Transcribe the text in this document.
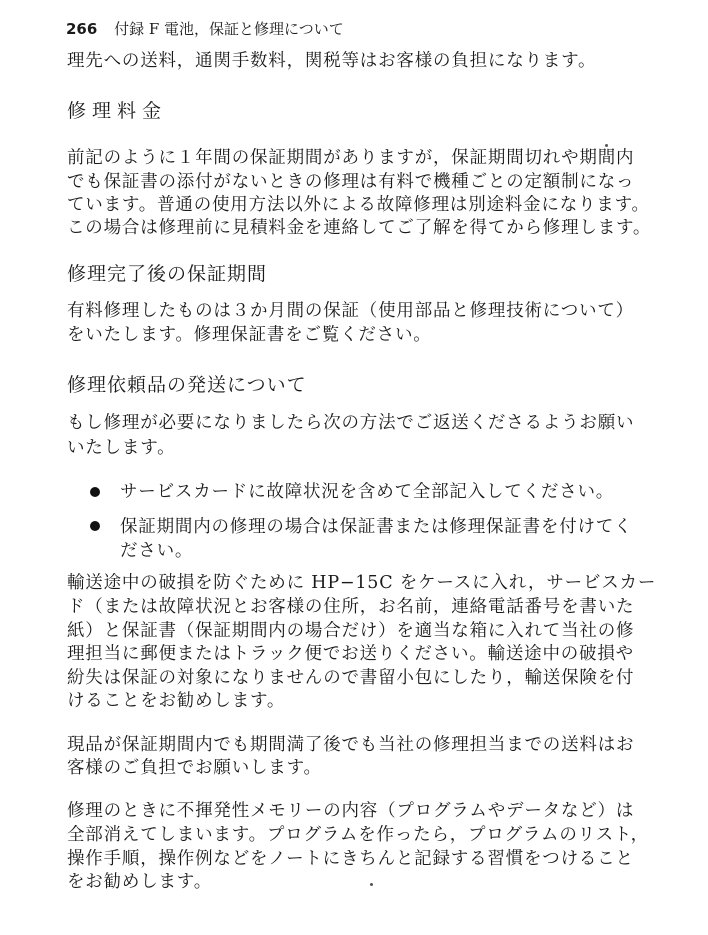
266 付録 F 電池，保証と修理について
理先への送料，通関手数料，関税等はお客様の負担になります。
修理料金
前記のように１年間の保証期間がありますが，保証期間切れや期間内
でも保証書の添付がないときの修理は有料で機種ごとの定額制になっ
ています。普通の使用方法以外による故障修理は別途料金になります。
この場合は修理前に見積料金を連絡してご了解を得てから修理します。
修理完了後の保証期間
有料修理したものは３か月間の保証（使用部品と修理技術について）
をいたします。修理保証書をご覧ください。
修理依頼品の発送について
もし修理が必要になりましたら次の方法でご返送くださるようお願い
いたします。
サービスカードに故障状況を含めて全部記入してください。
保証期間内の修理の場合は保証書または修理保証書を付けてく
ださい。
輸送途中の破損を防ぐために HP−15C をケースに入れ，サービスカー
ド（または故障状況とお客様の住所，お名前，連絡電話番号を書いた
紙）と保証書（保証期間内の場合だけ）を適当な箱に入れて当社の修
理担当に郵便またはトラック便でお送りください。輸送途中の破損や
紛失は保証の対象になりませんので書留小包にしたり，輸送保険を付
けることをお勧めします。
現品が保証期間内でも期間満了後でも当社の修理担当までの送料はお
客様のご負担でお願いします。
修理のときに不揮発性メモリーの内容（プログラムやデータなど）は
全部消えてしまいます。プログラムを作ったら，プログラムのリスト，
操作手順，操作例などをノートにきちんと記録する習慣をつけること
をお勧めします。
